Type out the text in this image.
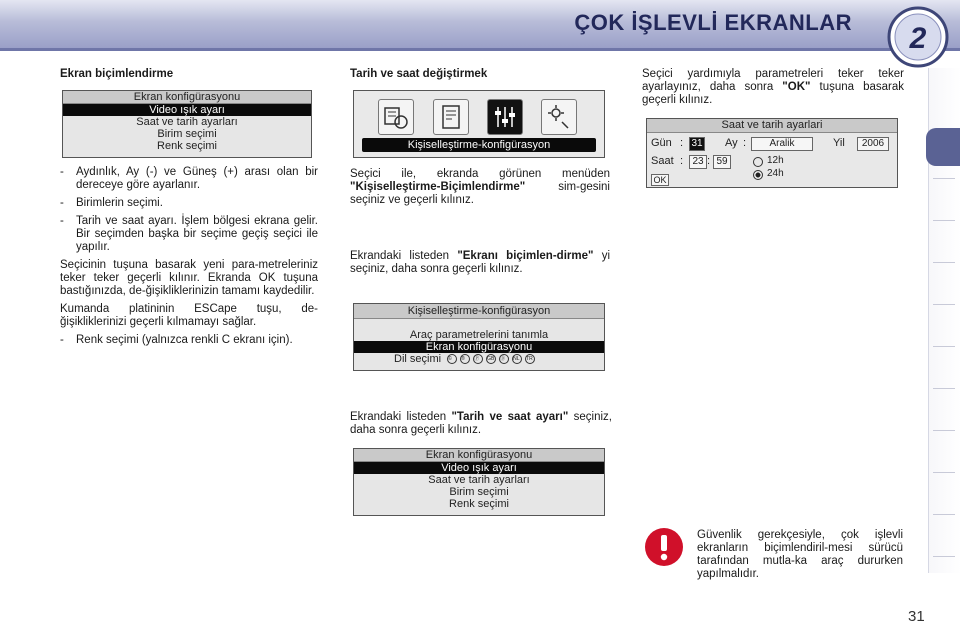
ÇOK İŞLEVLİ EKRANLAR 2
Ekran biçimlendirme
Ekran konfigürasyonu
Video ışık ayarı
Saat ve tarih ayarları
Birim seçimi
Renk seçimi
- Aydınlık, Ay (-) ve Güneş (+) arası olan bir dereceye göre ayarlanır.
- Birimlerin seçimi.
- Tarih ve saat ayarı. İşlem bölgesi ekrana gelir. Bir seçimden başka bir seçime geçiş seçici ile yapılır.
Seçicinin tuşuna basarak yeni para-metreleriniz teker teker geçerli kılınır. Ekranda OK tuşuna bastığınızda, de-ğişikliklerinizin tamamı kaydedilir.
Kumanda platininin ESCape tuşu, de-ğişikliklerinizi geçerli kılmamayı sağlar.
- Renk seçimi (yalnızca renkli C ekranı için).
Tarih ve saat değiştirmek
Kişiselleştirme-konfigürasyon
Seçici ile, ekranda görünen menüden "Kişiselleştirme-Biçimlendirme" sim-gesini seçiniz ve geçerli kılınız.
Ekrandaki listeden "Ekranı biçimlen-dirme" yi seçiniz, daha sonra geçerli kılınız.
Kişiselleştirme-konfigürasyon
Araç parametrelerini tanımla
Ekran konfigürasyonu
Dil seçimi © ® Ⓟ GB Ⓓ NL TR
Ekrandaki listeden "Tarih ve saat ayarı" seçiniz, daha sonra geçerli kılınız.
Ekran konfigürasyonu
Video ışık ayarı
Saat ve tarih ayarları
Birim seçimi
Renk seçimi
Seçici yardımıyla parametreleri teker teker ayarlayınız, daha sonra "OK" tuşuna basarak geçerli kılınız.
Saat ve tarih ayarlari
Gün : 31 Ay :	Aralik	Yil	2006
Saat : 23 : 59	12h
24h
OK
Güvenlik gerekçesiyle, çok işlevli ekranların biçimlendiril-mesi sürücü tarafından mutla-ka araç dururken yapılmalıdır.
31
